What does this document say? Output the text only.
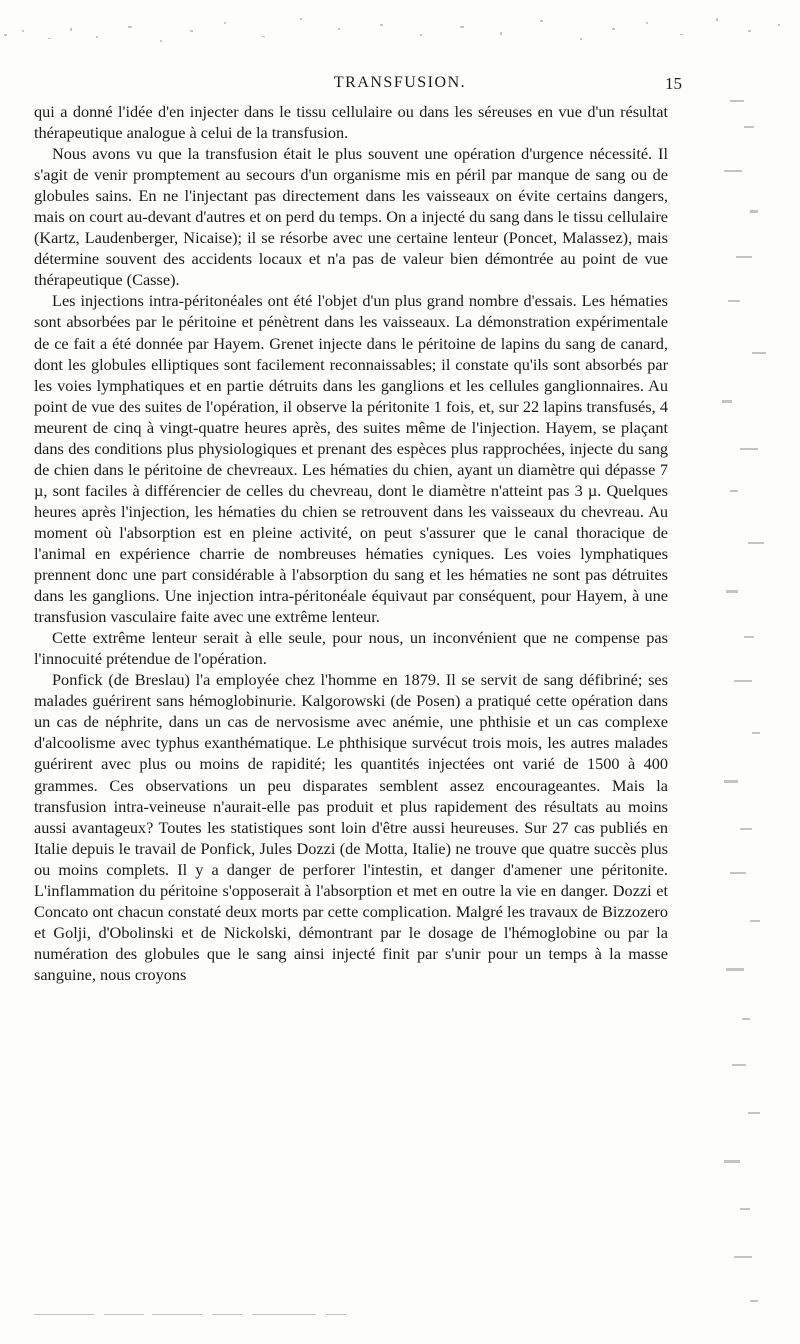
TRANSFUSION.	15

qui a donné l'idée d'en injecter dans le tissu cellulaire ou dans les séreuses en vue d'un résultat thérapeutique analogue à celui de la transfusion.

Nous avons vu que la transfusion était le plus souvent une opération d'urgence nécessité. Il s'agit de venir promptement au secours d'un organisme mis en péril par manque de sang ou de globules sains. En ne l'injectant pas directement dans les vaisseaux on évite certains dangers, mais on court au-devant d'autres et on perd du temps. On a injecté du sang dans le tissu cellulaire (Kartz, Laudenberger, Nicaise); il se résorbe avec une certaine lenteur (Poncet, Malassez), mais détermine souvent des accidents locaux et n'a pas de valeur bien démontrée au point de vue thérapeutique (Casse).

Les injections intra-péritonéales ont été l'objet d'un plus grand nombre d'essais. Les hématies sont absorbées par le péritoine et pénètrent dans les vaisseaux. La démonstration expérimentale de ce fait a été donnée par Hayem. Grenet injecte dans le péritoine de lapins du sang de canard, dont les globules elliptiques sont facilement reconnaissables; il constate qu'ils sont absorbés par les voies lymphatiques et en partie détruits dans les ganglions et les cellules ganglionnaires. Au point de vue des suites de l'opération, il observe la péritonite 1 fois, et, sur 22 lapins transfusés, 4 meurent de cinq à vingt-quatre heures après, des suites même de l'injection. Hayem, se plaçant dans des conditions plus physiologiques et prenant des espèces plus rapprochées, injecte du sang de chien dans le péritoine de chevreaux. Les hématies du chien, ayant un diamètre qui dépasse 7 µ, sont faciles à différencier de celles du chevreau, dont le diamètre n'atteint pas 3 µ. Quelques heures après l'injection, les hématies du chien se retrouvent dans les vaisseaux du chevreau. Au moment où l'absorption est en pleine activité, on peut s'assurer que le canal thoracique de l'animal en expérience charrie de nombreuses hématies cyniques. Les voies lymphatiques prennent donc une part considérable à l'absorption du sang et les hématies ne sont pas détruites dans les ganglions. Une injection intra-péritonéale équivaut par conséquent, pour Hayem, à une transfusion vasculaire faite avec une extrême lenteur.

Cette extrême lenteur serait à elle seule, pour nous, un inconvénient que ne compense pas l'innocuité prétendue de l'opération.

Ponfick (de Breslau) l'a employée chez l'homme en 1879. Il se servit de sang défibriné; ses malades guérirent sans hémoglobinurie. Kalgorowski (de Posen) a pratiqué cette opération dans un cas de néphrite, dans un cas de nervosisme avec anémie, une phthisie et un cas complexe d'alcoolisme avec typhus exanthématique. Le phthisique survécut trois mois, les autres malades guérirent avec plus ou moins de rapidité; les quantités injectées ont varié de 1500 à 400 grammes. Ces observations un peu disparates semblent assez encourageantes. Mais la transfusion intra-veineuse n'aurait-elle pas produit et plus rapidement des résultats au moins aussi avantageux? Toutes les statistiques sont loin d'être aussi heureuses. Sur 27 cas publiés en Italie depuis le travail de Ponfick, Jules Dozzi (de Motta, Italie) ne trouve que quatre succès plus ou moins complets. Il y a danger de perforer l'intestin, et danger d'amener une péritonite. L'inflammation du péritoine s'opposerait à l'absorption et met en outre la vie en danger. Dozzi et Concato ont chacun constaté deux morts par cette complication. Malgré les travaux de Bizzozero et Golji, d'Obolinski et de Nickolski, démontrant par le dosage de l'hémoglobine ou par la numération des globules que le sang ainsi injecté finit par s'unir pour un temps à la masse sanguine, nous croyons
